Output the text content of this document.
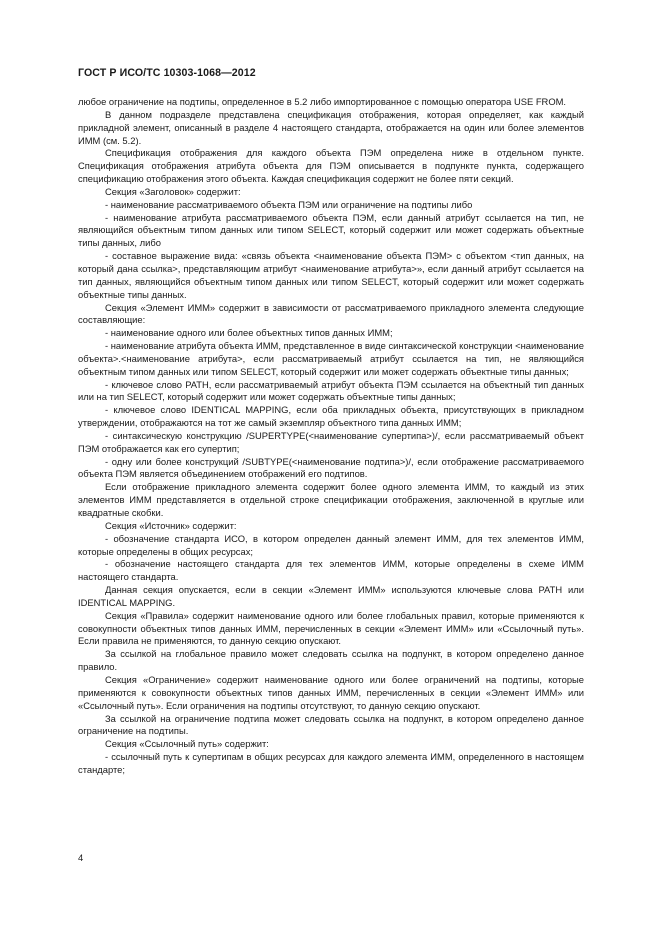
ГОСТ Р ИСО/ТС 10303-1068—2012

любое ограничение на подтипы, определенное в 5.2 либо импортированное с помощью оператора USE FROM.

В данном подразделе представлена спецификация отображения, которая определяет, как каждый прикладной элемент, описанный в разделе 4 настоящего стандарта, отображается на один или более элементов ИММ (см. 5.2).

Спецификация отображения для каждого объекта ПЭМ определена ниже в отдельном пункте. Спецификация отображения атрибута объекта для ПЭМ описывается в подпункте пункта, содержащего спецификацию отображения этого объекта. Каждая спецификация содержит не более пяти секций.

Секция «Заголовок» содержит:

- наименование рассматриваемого объекта ПЭМ или ограничение на подтипы либо

- наименование атрибута рассматриваемого объекта ПЭМ, если данный атрибут ссылается на тип, не являющийся объектным типом данных или типом SELECT, который содержит или может содержать объектные типы данных, либо

- составное выражение вида: «связь объекта <наименование объекта ПЭМ> с объектом <тип данных, на который дана ссылка>, представляющим атрибут <наименование атрибута>», если данный атрибут ссылается на тип данных, являющийся объектным типом данных или типом SELECT, который содержит или может содержать объектные типы данных.

Секция «Элемент ИММ» содержит в зависимости от рассматриваемого прикладного элемента следующие составляющие:

- наименование одного или более объектных типов данных ИММ;

- наименование атрибута объекта ИММ, представленное в виде синтаксической конструкции <наименование объекта>.<наименование атрибута>, если рассматриваемый атрибут ссылается на тип, не являющийся объектным типом данных или типом SELECT, который содержит или может содержать объектные типы данных;

- ключевое слово PATH, если рассматриваемый атрибут объекта ПЭМ ссылается на объектный тип данных или на тип SELECT, который содержит или может содержать объектные типы данных;

- ключевое слово IDENTICAL MAPPING, если оба прикладных объекта, присутствующих в прикладном утверждении, отображаются на тот же самый экземпляр объектного типа данных ИММ;

- синтаксическую конструкцию /SUPERTYPE(<наименование супертипа>)/, если рассматриваемый объект ПЭМ отображается как его супертип;

- одну или более конструкций /SUBTYPE(<наименование подтипа>)/, если отображение рассматриваемого объекта ПЭМ является объединением отображений его подтипов.

Если отображение прикладного элемента содержит более одного элемента ИММ, то каждый из этих элементов ИММ представляется в отдельной строке спецификации отображения, заключенной в круглые или квадратные скобки.

Секция «Источник» содержит:

- обозначение стандарта ИСО, в котором определен данный элемент ИММ, для тех элементов ИММ, которые определены в общих ресурсах;

- обозначение настоящего стандарта для тех элементов ИММ, которые определены в схеме ИММ настоящего стандарта.

Данная секция опускается, если в секции «Элемент ИММ» используются ключевые слова PATH или IDENTICAL MAPPING.

Секция «Правила» содержит наименование одного или более глобальных правил, которые применяются к совокупности объектных типов данных ИММ, перечисленных в секции «Элемент ИММ» или «Ссылочный путь». Если правила не применяются, то данную секцию опускают.

За ссылкой на глобальное правило может следовать ссылка на подпункт, в котором определено данное правило.

Секция «Ограничение» содержит наименование одного или более ограничений на подтипы, которые применяются к совокупности объектных типов данных ИММ, перечисленных в секции «Элемент ИММ» или «Ссылочный путь». Если ограничения на подтипы отсутствуют, то данную секцию опускают.

За ссылкой на ограничение подтипа может следовать ссылка на подпункт, в котором определено данное ограничение на подтипы.

Секция «Ссылочный путь» содержит:

- ссылочный путь к супертипам в общих ресурсах для каждого элемента ИММ, определенного в настоящем стандарте;

4
